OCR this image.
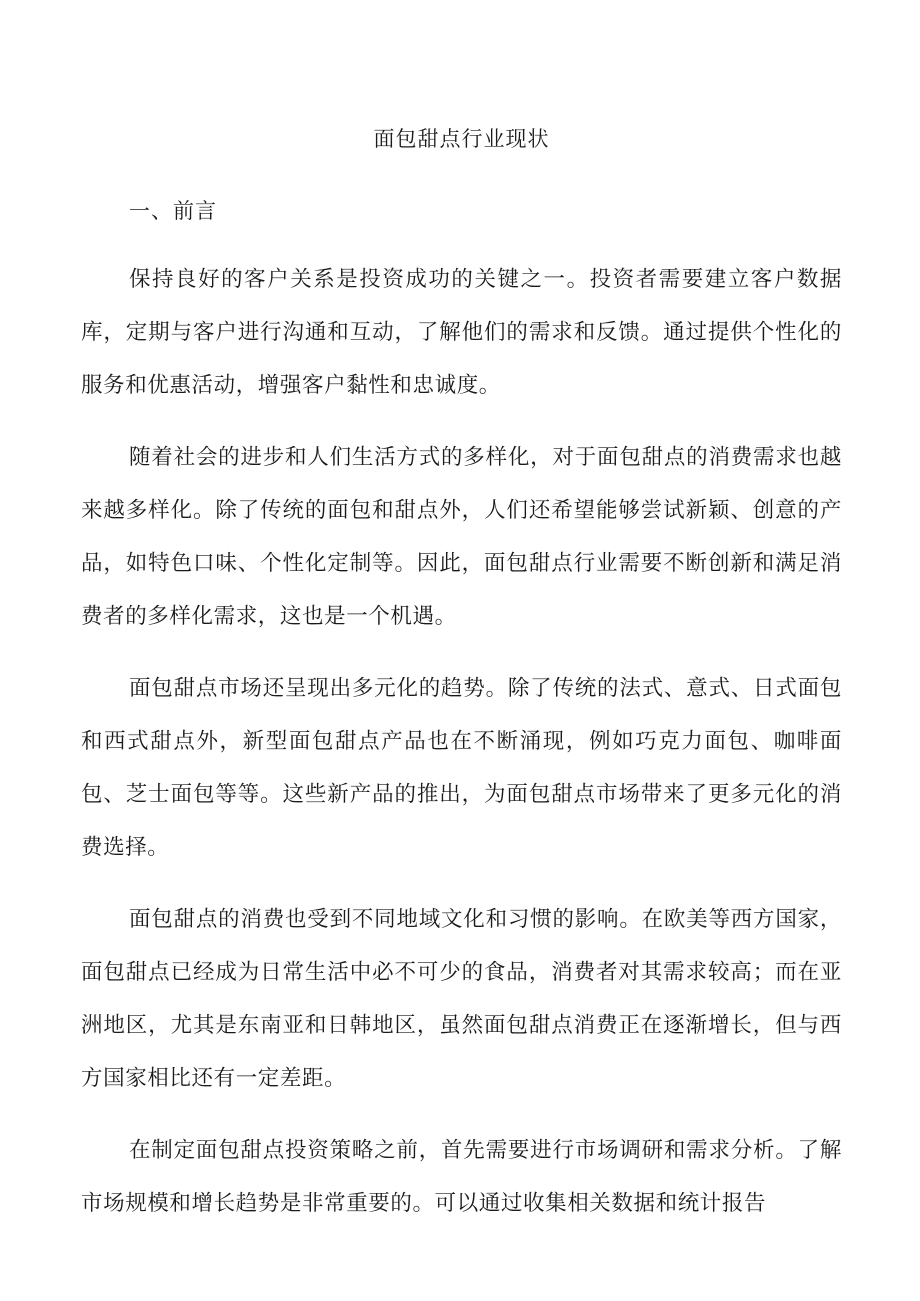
面包甜点行业现状
一、前言

保持良好的客户关系是投资成功的关键之一。投资者需要建立客户数据库，定期与客户进行沟通和互动，了解他们的需求和反馈。通过提供个性化的服务和优惠活动，增强客户黏性和忠诚度。

随着社会的进步和人们生活方式的多样化，对于面包甜点的消费需求也越来越多样化。除了传统的面包和甜点外，人们还希望能够尝试新颖、创意的产品，如特色口味、个性化定制等。因此，面包甜点行业需要不断创新和满足消费者的多样化需求，这也是一个机遇。

面包甜点市场还呈现出多元化的趋势。除了传统的法式、意式、日式面包和西式甜点外，新型面包甜点产品也在不断涌现，例如巧克力面包、咖啡面包、芝士面包等等。这些新产品的推出，为面包甜点市场带来了更多元化的消费选择。

面包甜点的消费也受到不同地域文化和习惯的影响。在欧美等西方国家，面包甜点已经成为日常生活中必不可少的食品，消费者对其需求较高；而在亚洲地区，尤其是东南亚和日韩地区，虽然面包甜点消费正在逐渐增长，但与西方国家相比还有一定差距。

在制定面包甜点投资策略之前，首先需要进行市场调研和需求分析。了解市场规模和增长趋势是非常重要的。可以通过收集相关数据和统计报告
